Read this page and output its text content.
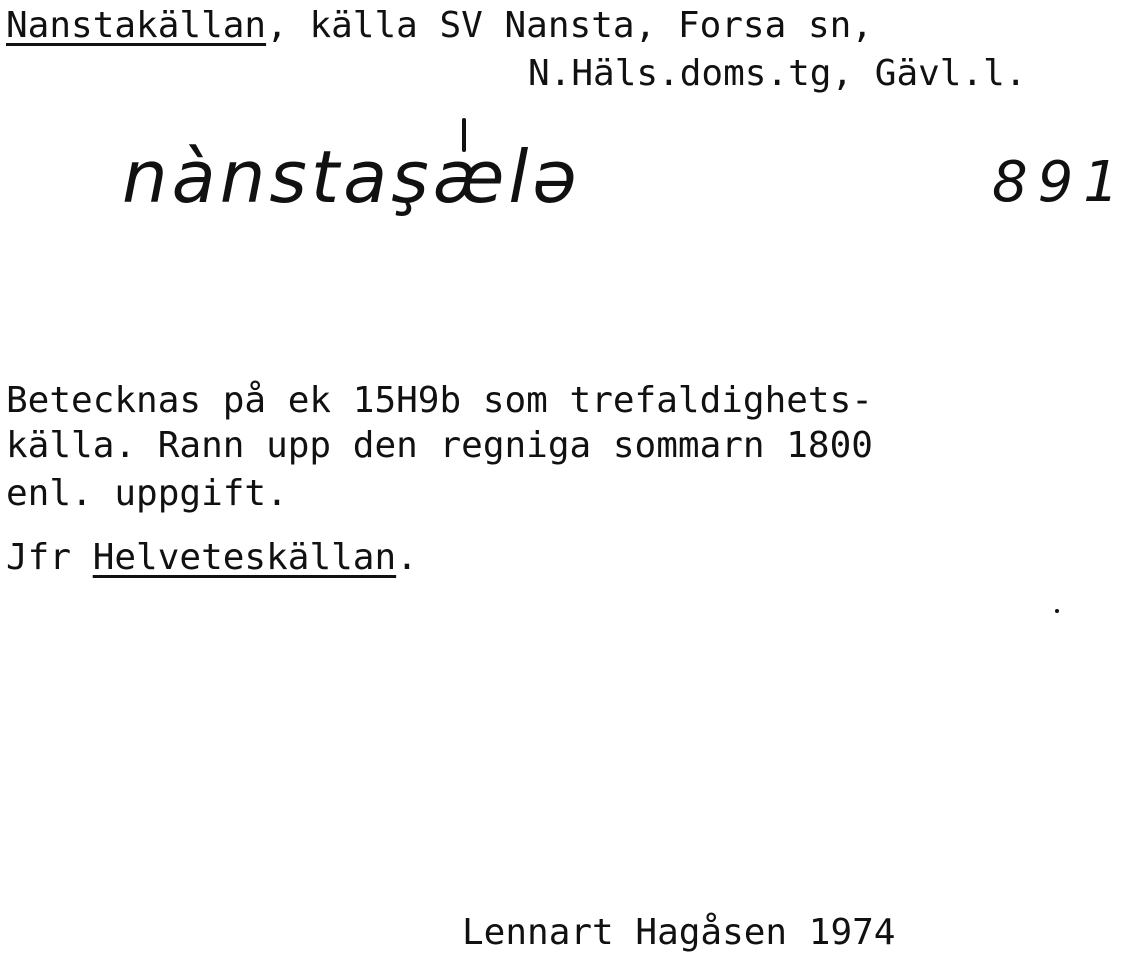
Nanstakällan, källa SV Nansta, Forsa sn,
N.Häls.doms.tg, Gävl.l.
nànstaşælə	891
Betecknas på ek 15H9b som trefaldighets-
källa. Rann upp den regniga sommarn 1800
enl. uppgift.
Jfr Helveteskällan.
Lennart Hagåsen 1974
